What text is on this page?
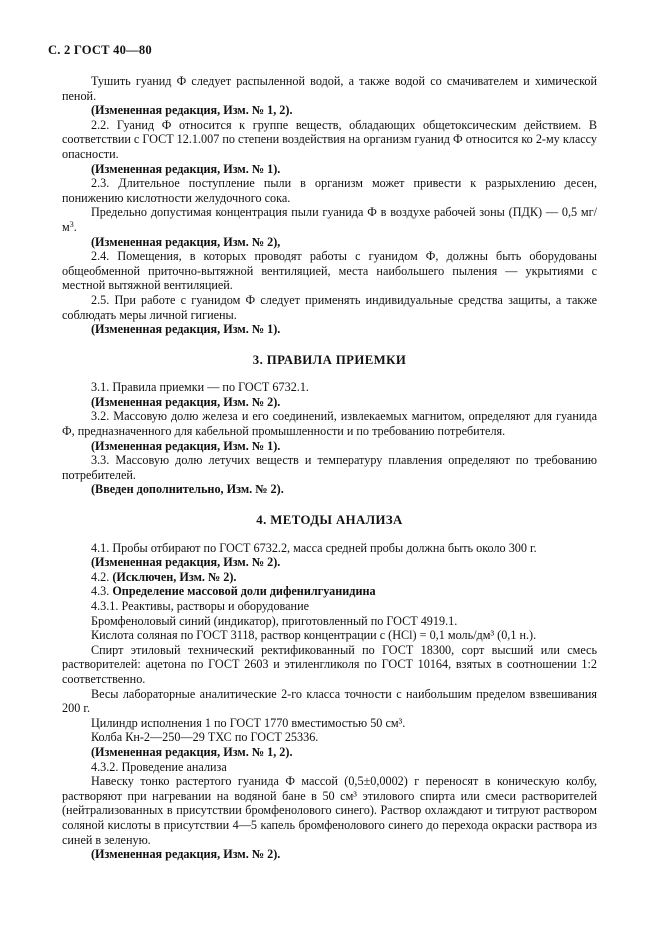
С. 2 ГОСТ 40—80

Тушить гуанид Ф следует распыленной водой, а также водой со смачивателем и химической пеной.

(Измененная редакция, Изм. № 1, 2).

2.2. Гуанид Ф относится к группе веществ, обладающих общетоксическим действием. В соответствии с ГОСТ 12.1.007 по степени воздействия на организм гуанид Ф относится ко 2-му классу опасности.

(Измененная редакция, Изм. № 1).

2.3. Длительное поступление пыли в организм может привести к разрыхлению десен, понижению кислотности желудочного сока.

Предельно допустимая концентрация пыли гуанида Ф в воздухе рабочей зоны (ПДК) — 0,5 $мг/м^3$.

(Измененная редакция, Изм. № 2),

2.4. Помещения, в которых проводят работы с гуанидом Ф, должны быть оборудованы общеобменной приточно-вытяжной вентиляцией, места наибольшего пыления — укрытиями с местной вытяжной вентиляцией.

2.5. При работе с гуанидом Ф следует применять индивидуальные средства защиты, а также соблюдать меры личной гигиены.

(Измененная редакция, Изм. № 1).

3. ПРАВИЛА ПРИЕМКИ

3.1. Правила приемки — по ГОСТ 6732.1.

(Измененная редакция, Изм. № 2).

3.2. Массовую долю железа и его соединений, извлекаемых магнитом, определяют для гуанида Ф, предназначенного для кабельной промышленности и по требованию потребителя.

(Измененная редакция, Изм. № 1).

3.3. Массовую долю летучих веществ и температуру плавления определяют по требованию потребителей.

(Введен дополнительно, Изм. № 2).

4. МЕТОДЫ АНАЛИЗА

4.1. Пробы отбирают по ГОСТ 6732.2, масса средней пробы должна быть около 300 г.

(Измененная редакция, Изм. № 2).

4.2. (Исключен, Изм. № 2).

4.3. Определение массовой доли дифенилгуанидина

4.3.1. Реактивы, растворы и оборудование

Бромфеноловый синий (индикатор), приготовленный по ГОСТ 4919.1.

Кислота соляная по ГОСТ 3118, раствор концентрации c (HCl) = 0,1 моль/дм³ (0,1 н.).

Спирт этиловый технический ректификованный по ГОСТ 18300, сорт высший или смесь растворителей: ацетона по ГОСТ 2603 и этиленгликоля по ГОСТ 10164, взятых в соотношении 1:2 соответственно.

Весы лабораторные аналитические 2-го класса точности с наибольшим пределом взвешивания 200 г.

Цилиндр исполнения 1 по ГОСТ 1770 вместимостью 50 см³.

Колба Кн-2—250—29 ТХС по ГОСТ 25336.

(Измененная редакция, Изм. № 1, 2).

4.3.2. Проведение анализа

Навеску тонко растертого гуанида Ф массой (0,5±0,0002) г переносят в коническую колбу, растворяют при нагревании на водяной бане в 50 см³ этилового спирта или смеси растворителей (нейтрализованных в присутствии бромфенолового синего). Раствор охлаждают и титруют раствором соляной кислоты в присутствии 4—5 капель бромфенолового синего до перехода окраски раствора из синей в зеленую.

(Измененная редакция, Изм. № 2).
